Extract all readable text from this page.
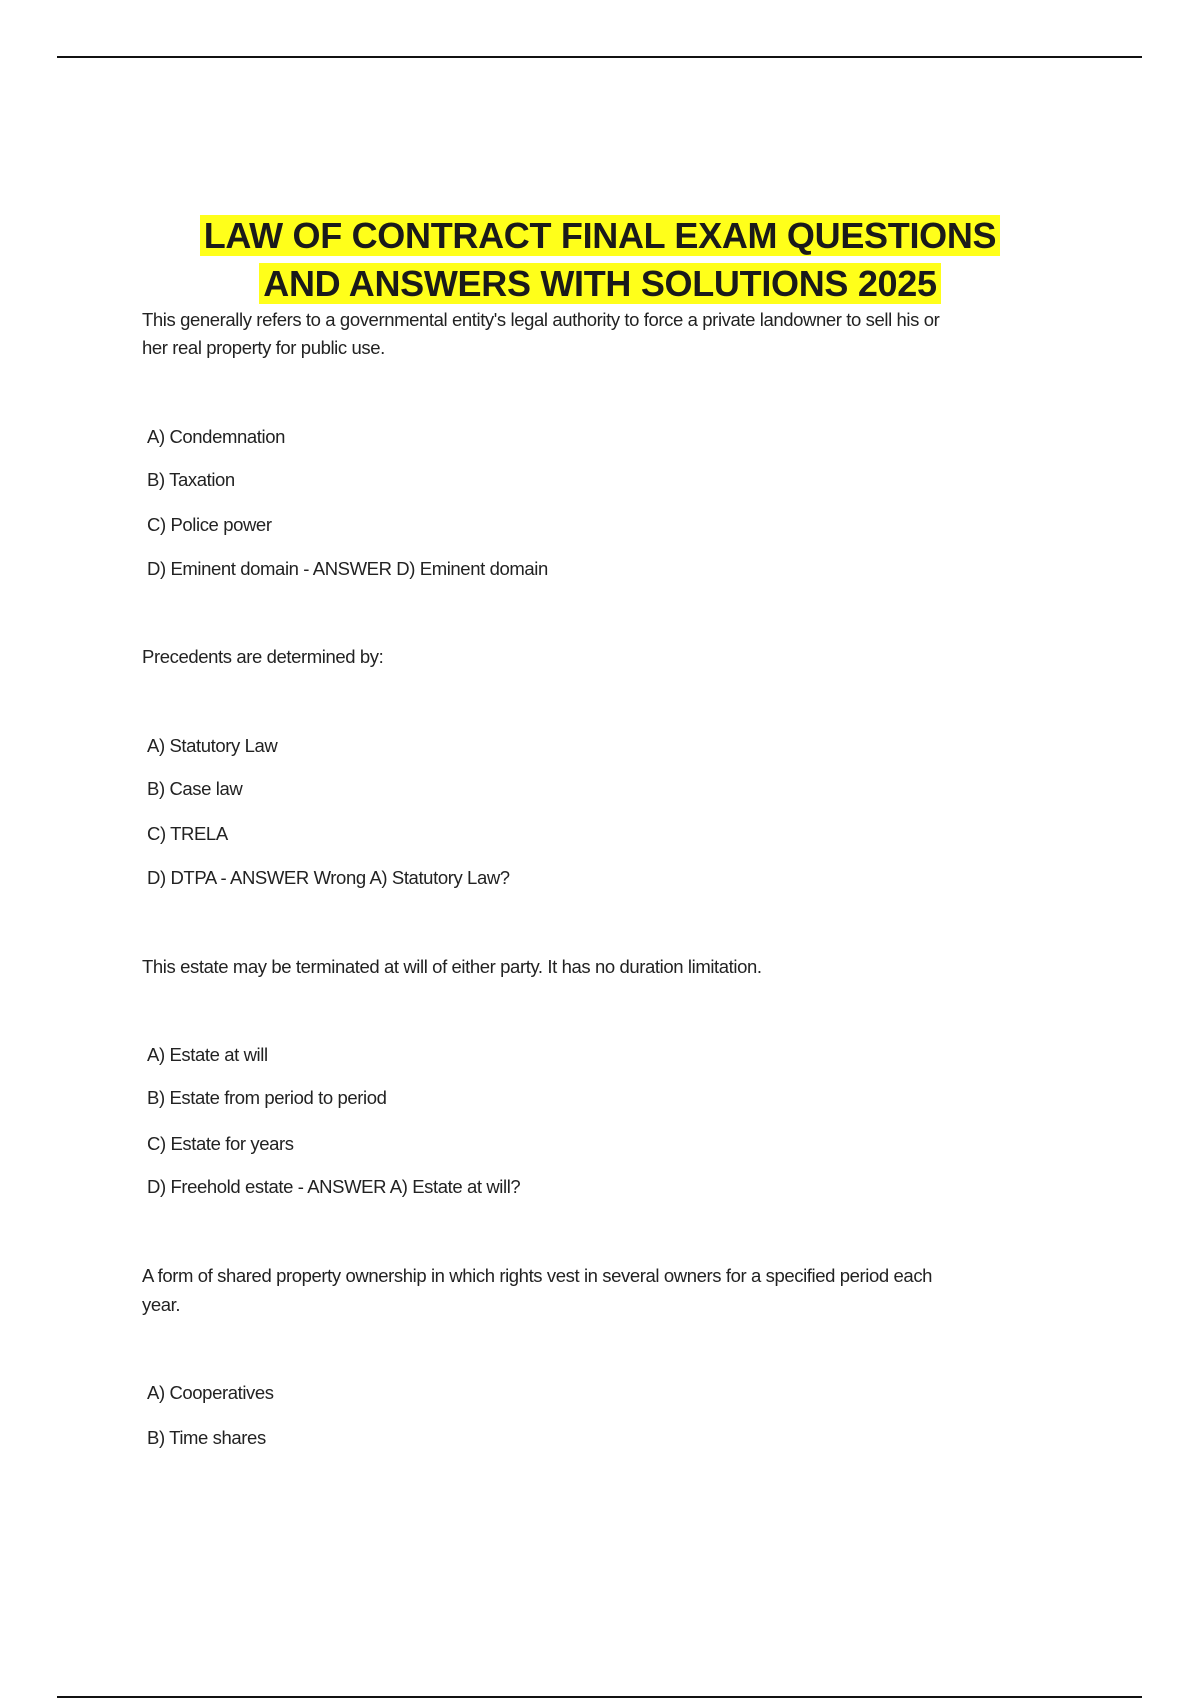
LAW OF CONTRACT FINAL EXAM QUESTIONS
AND ANSWERS WITH SOLUTIONS 2025
This generally refers to a governmental entity's legal authority to force a private landowner to sell his or
her real property for public use.
A) Condemnation
B) Taxation
C) Police power
D) Eminent domain - ANSWER D) Eminent domain
Precedents are determined by:
A) Statutory Law
B) Case law
C) TRELA
D) DTPA - ANSWER Wrong A) Statutory Law?
This estate may be terminated at will of either party. It has no duration limitation.
A) Estate at will
B) Estate from period to period
C) Estate for years
D) Freehold estate - ANSWER A) Estate at will?
A form of shared property ownership in which rights vest in several owners for a specified period each
year.
A) Cooperatives
B) Time shares
